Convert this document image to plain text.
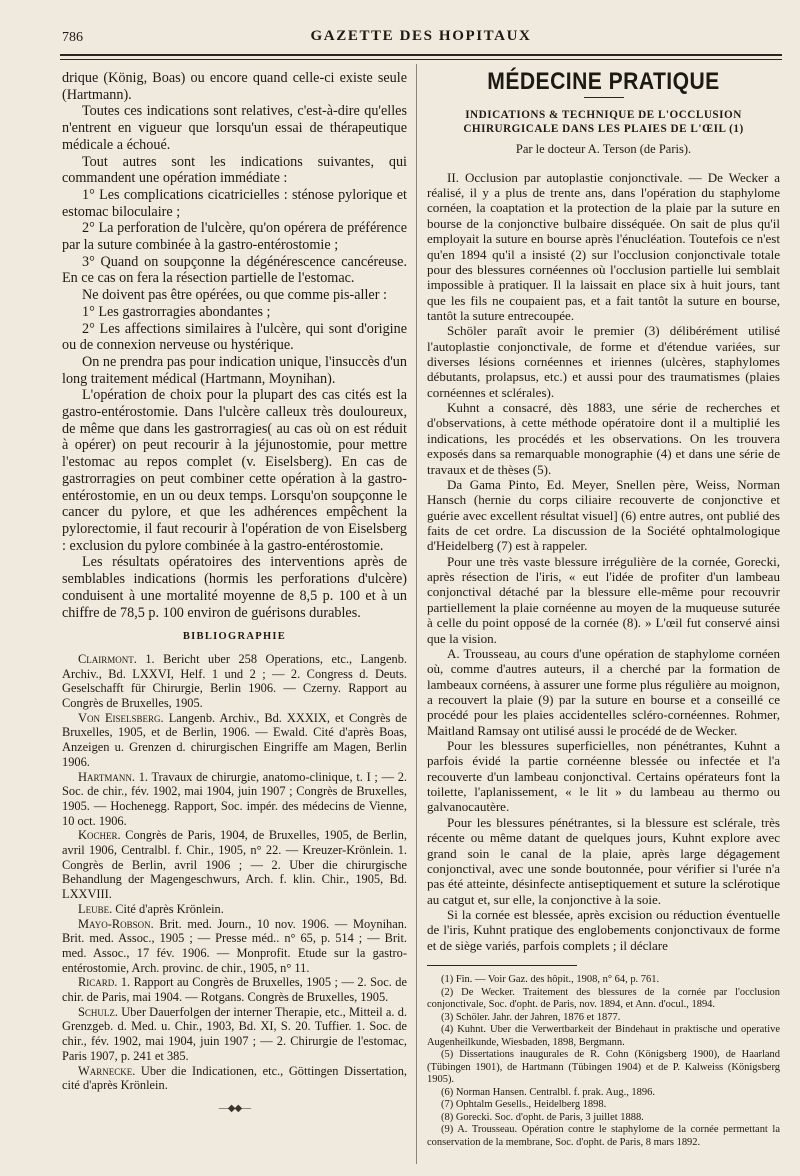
786	GAZETTE DES HOPITAUX

drique (König, Boas) ou encore quand celle-ci existe seule (Hartmann).

Toutes ces indications sont relatives, c'est-à-dire qu'elles n'entrent en vigueur que lorsqu'un essai de thérapeutique médicale a échoué.

Tout autres sont les indications suivantes, qui commandent une opération immédiate :

1° Les complications cicatricielles : sténose pylorique et estomac biloculaire ;

2° La perforation de l'ulcère, qu'on opérera de préférence par la suture combinée à la gastro-entérostomie ;

3° Quand on soupçonne la dégénérescence cancéreuse. En ce cas on fera la résection partielle de l'estomac.

Ne doivent pas être opérées, ou que comme pis-aller :

1° Les gastrorragies abondantes ;

2° Les affections similaires à l'ulcère, qui sont d'origine ou de connexion nerveuse ou hystérique.

On ne prendra pas pour indication unique, l'insuccès d'un long traitement médical (Hartmann, Moynihan).

L'opération de choix pour la plupart des cas cités est la gastro-entérostomie. Dans l'ulcère calleux très douloureux, de même que dans les gastrorragies( au cas où on est réduit à opérer) on peut recourir à la jéjunostomie, pour mettre l'estomac au repos complet (v. Eiselsberg). En cas de gastrorragies on peut combiner cette opération à la gastro-entérostomie, en un ou deux temps. Lorsqu'on soupçonne le cancer du pylore, et que les adhérences empêchent la pylorectomie, il faut recourir à l'opération de von Eiselsberg : exclusion du pylore combinée à la gastro-entérostomie.

Les résultats opératoires des interventions après de semblables indications (hormis les perforations d'ulcère) conduisent à une mortalité moyenne de 8,5 p. 100 et à un chiffre de 78,5 p. 100 environ de guérisons durables.

BIBLIOGRAPHIE

Clairmont. 1. Bericht uber 258 Operations, etc., Langenb. Archiv., Bd. LXXVI, Helf. 1 und 2 ; — 2. Congress d. Deuts. Geselschafft für Chirurgie, Berlin 1906. — Czerny. Rapport au Congrès de Bruxelles, 1905.

Von Eiselsberg. Langenb. Archiv., Bd. XXXIX, et Congrès de Bruxelles, 1905, et de Berlin, 1906. — Ewald. Cité d'après Boas, Anzeigen u. Grenzen d. chirurgischen Eingriffe am Magen, Berlin 1906.

Hartmann. 1. Travaux de chirurgie, anatomo-clinique, t. I ; — 2. Soc. de chir., fév. 1902, mai 1904, juin 1907 ; Congrès de Bruxelles, 1905. — Hochenegg. Rapport, Soc. impér. des médecins de Vienne, 10 oct. 1906.

Kocher. Congrès de Paris, 1904, de Bruxelles, 1905, de Berlin, avril 1906, Centralbl. f. Chir., 1905, n° 22. — Kreuzer-Krönlein. 1. Congrès de Berlin, avril 1906 ; — 2. Uber die chirurgische Behandlung der Magengeschwurs, Arch. f. klin. Chir., 1905, Bd. LXXVIII.

Leube. Cité d'après Krönlein.

Mayo-Robson. Brit. med. Journ., 10 nov. 1906. — Moynihan. Brit. med. Assoc., 1905 ; — Presse méd.. n° 65, p. 514 ; — Brit. med. Assoc., 17 fév. 1906. — Monprofit. Etude sur la gastro-entérostomie, Arch. provinc. de chir., 1905, n° 11.

Ricard. 1. Rapport au Congrès de Bruxelles, 1905 ; — 2. Soc. de chir. de Paris, mai 1904. — Rotgans. Congrès de Bruxelles, 1905.

Schulz. Uber Dauerfolgen der interner Therapie, etc., Mitteil a. d. Grenzgeb. d. Med. u. Chir., 1903, Bd. XI, S. 20. Tuffier. 1. Soc. de chir., fév. 1902, mai 1904, juin 1907 ; — 2. Chirurgie de l'estomac, Paris 1907, p. 241 et 385.

Warnecke. Uber die Indicationen, etc., Göttingen Dissertation, cité d'après Krönlein.

—◆◆—
MÉDECINE PRATIQUE
INDICATIONS & TECHNIQUE DE L'OCCLUSION CHIRURGICALE DANS LES PLAIES DE L'ŒIL (1)
Par le docteur A. Terson (de Paris).

II. Occlusion par autoplastie conjonctivale. — De Wecker a réalisé, il y a plus de trente ans, dans l'opération du staphylome cornéen, la coaptation et la protection de la plaie par la suture en bourse de la conjonctive bulbaire disséquée. On sait de plus qu'il employait la suture en bourse après l'énucléation. Toutefois ce n'est qu'en 1894 qu'il a insisté (2) sur l'occlusion conjonctivale totale pour des blessures cornéennes où l'occlusion partielle lui semblait impossible à pratiquer. Il la laissait en place six à huit jours, tant que les fils ne coupaient pas, et a fait tantôt la suture en bourse, tantôt la suture entrecoupée.

Schöler paraît avoir le premier (3) délibérément utilisé l'autoplastie conjonctivale, de forme et d'étendue variées, sur diverses lésions cornéennes et iriennes (ulcères, staphylomes débutants, prolapsus, etc.) et aussi pour des traumatismes (plaies cornéennes et sclérales).

Kuhnt a consacré, dès 1883, une série de recherches et d'observations, à cette méthode opératoire dont il a multiplié les indications, les procédés et les observations. On les trouvera exposés dans sa remarquable monographie (4) et dans une série de travaux et de thèses (5).

Da Gama Pinto, Ed. Meyer, Snellen père, Weiss, Norman Hansch (hernie du corps ciliaire recouverte de conjonctive et guérie avec excellent résultat visuel] (6) entre autres, ont publié des faits de cet ordre. La discussion de la Société ophtalmologique d'Heidelberg (7) est à rappeler.

Pour une très vaste blessure irrégulière de la cornée, Gorecki, après résection de l'iris, « eut l'idée de profiter d'un lambeau conjonctival détaché par la blessure elle-même pour recouvrir partiellement la plaie cornéenne au moyen de la muqueuse suturée à celle du point opposé de la cornée (8). » L'œil fut conservé ainsi que la vision.

A. Trousseau, au cours d'une opération de staphylome cornéen où, comme d'autres auteurs, il a cherché par la formation de lambeaux cornéens, à assurer une forme plus régulière au moignon, a recouvert la plaie (9) par la suture en bourse et a conseillé ce procédé pour les plaies accidentelles scléro-cornéennes. Rohmer, Maitland Ramsay ont utilisé aussi le procédé de de Wecker.

Pour les blessures superficielles, non pénétrantes, Kuhnt a parfois évidé la partie cornéenne blessée ou infectée et l'a recouverte d'un lambeau conjonctival. Certains opérateurs font la toilette, l'aplanissement, « le lit » du lambeau au thermo ou galvanocautère.

Pour les blessures pénétrantes, si la blessure est sclérale, très récente ou même datant de quelques jours, Kuhnt explore avec grand soin le canal de la plaie, après large dégagement conjonctival, avec une sonde boutonnée, pour vérifier si l'urée n'a pas été atteinte, désinfecte antiseptiquement et suture la sclérotique au catgut et, sur elle, la conjonctive à la soie.

Si la cornée est blessée, après excision ou réduction éventuelle de l'iris, Kuhnt pratique des englobements conjonctivaux de forme et de siège variés, parfois complets ; il déclare

(1) Fin. — Voir Gaz. des hôpit., 1908, n° 64, p. 761.

(2) De Wecker. Traitement des blessures de la cornée par l'occlusion conjonctivale, Soc. d'opht. de Paris, nov. 1894, et Ann. d'ocul., 1894.

(3) Schöler. Jahr. der Jahren, 1876 et 1877.

(4) Kuhnt. Uber die Verwertbarkeit der Bindehaut in praktische und operative Augenheilkunde, Wiesbaden, 1898, Bergmann.

(5) Dissertations inaugurales de R. Cohn (Königsberg 1900), de Haarland (Tübingen 1901), de Hartmann (Tübingen 1904) et de P. Kalweiss (Königsberg 1905).

(6) Norman Hansen. Centralbl. f. prak. Aug., 1896.

(7) Ophtalm Gesells., Heidelberg 1898.

(8) Gorecki. Soc. d'opht. de Paris, 3 juillet 1888.

(9) A. Trousseau. Opération contre le staphylome de la cornée permettant la conservation de la membrane, Soc. d'opht. de Paris, 8 mars 1892.
